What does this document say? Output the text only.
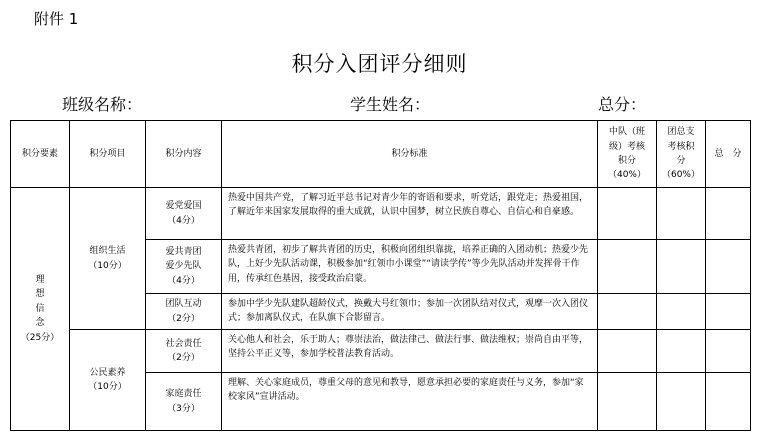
附件 1
积分入团评分细则
班级名称：	学生姓名：	总分：
积分要素	积分项目	积分内容	积分标准	中队（班
级）考核
积分
（40%）	团总支
考核积
分
（60%）	总　分
理
想
信
念
（25分）	组织生活
（10分）	爱党爱国
（4分）	热爱中国共产党，了解习近平总书记对青少年的寄语和要求，听党话，跟党走；热爱祖国，了解近年来国家发展取得的重大成就，认识中国梦，树立民族自尊心、自信心和自豪感。			
		爱共青团
爱少先队
（4分）	热爱共青团，初步了解共青团的历史，积极向团组织靠拢，培养正确的入团动机；热爱少先队，上好少先队活动课，积极参加“红领巾小课堂”“请读学传”等少先队活动并发挥骨干作用，传承红色基因，接受政治启蒙。			
		团队互动
（2分）	参加中学少先队建队超龄仪式，换戴大号红领巾；参加一次团队结对仪式，观摩一次入团仪式；参加离队仪式，在队旗下合影留言。			
	公民素养
（10分）	社会责任
（2分）	关心他人和社会，乐于助人；尊崇法治，做法律己、做法行事、做法维权；崇尚自由平等，坚持公平正义等，参加学校普法教育活动。			
		家庭责任
（3分）	理解、关心家庭成员，尊重父母的意见和教导，愿意承担必要的家庭责任与义务，参加“家校家风”宣讲活动。			
